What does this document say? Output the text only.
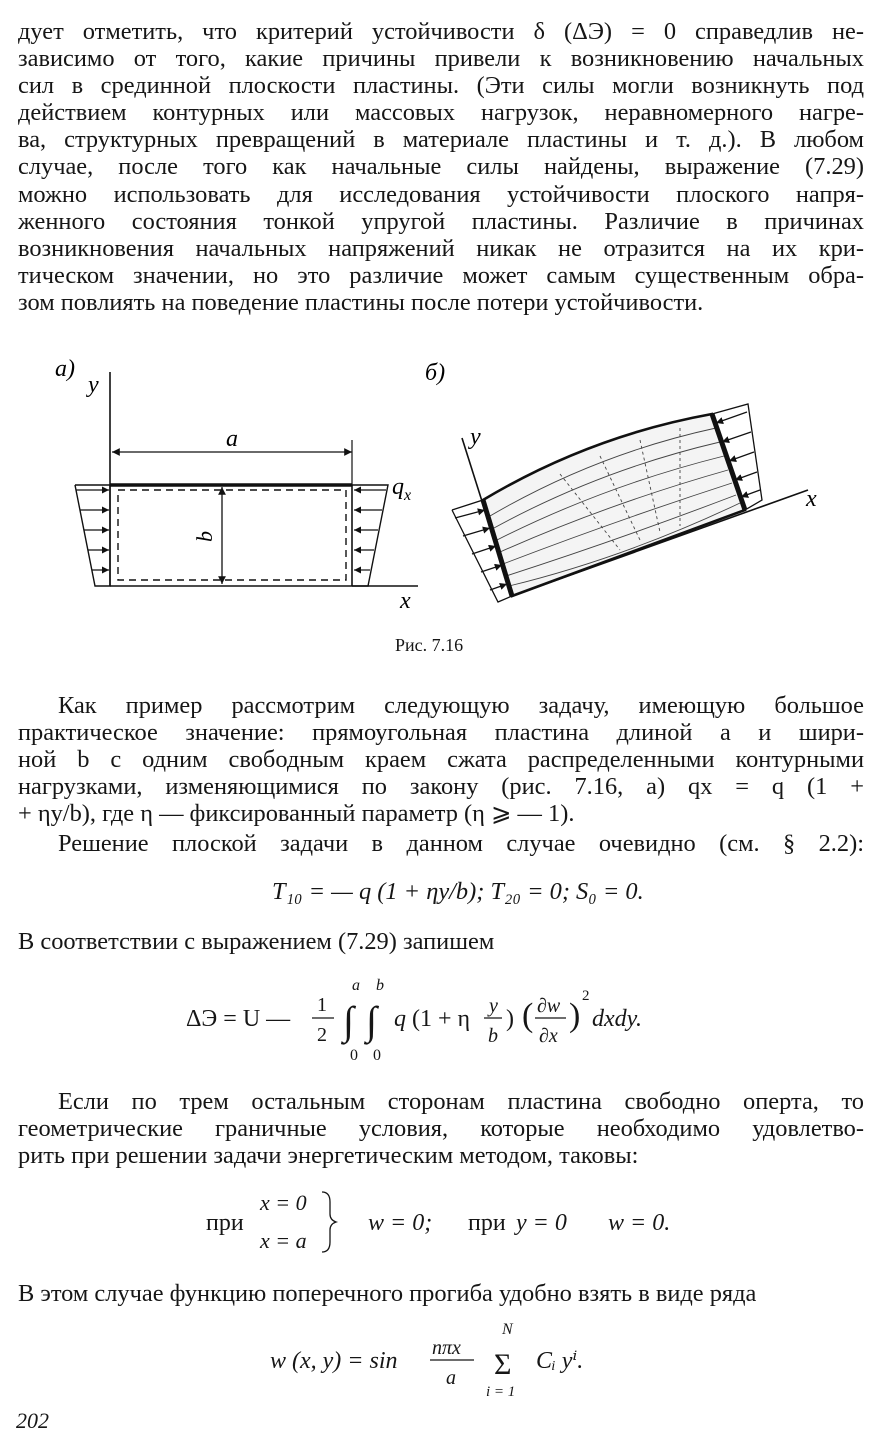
дует отметить, что критерий устойчивости δ (ΔЭ) = 0 справедлив не-
зависимо от того, какие причины привели к возникновению начальных
сил в срединной плоскости пластины. (Эти силы могли возникнуть под
действием контурных или массовых нагрузок, неравномерного нагре-
ва, структурных превращений в материале пластины и т. д.). В любом
случае, после того как начальные силы найдены, выражение (7.29)
можно использовать для исследования устойчивости плоского напря-
женного состояния тонкой упругой пластины. Различие в причинах
возникновения начальных напряжений никак не отразится на их кри-
тическом значении, но это различие может самым существенным обра-
зом повлиять на поведение пластины после потери устойчивости.
а)
y
x
a
b
$q_x$
б)
y
x
Рис. 7.16
Как пример рассмотрим следующую задачу, имеющую большое
практическое значение: прямоугольная пластина длиной a и шири-
ной b с одним свободным краем сжата распределенными контурными
нагрузками, изменяющимися по закону (рис. 7.16, а) qx = q (1 +
+ ηy/b), где η — фиксированный параметр (η ⩾ — 1).
Решение плоской задачи в данном случае очевидно (см. § 2.2):
T₁₀ = — q (1 + ηy/b); T₂₀ = 0; S₀ = 0.
В соответствии с выражением (7.29) запишем
ΔЭ = U —
1
2
a
∫
0
b
∫
0
q (1 + η y
b
) ( ∂w
∂x
)
2
dxdy.
Если по трем остальным сторонам пластина свободно оперта, то
геометрические граничные условия, которые необходимо удовлетво-
рить при решении задачи энергетическим методом, таковы:
при
x = 0
x = a
w = 0; при y = 0 w = 0.
В этом случае функцию поперечного прогиба удобно взять в виде ряда
w (x, y) = sin nπx
a
N
Σ
i = 1
Cᵢ yⁱ.
202
